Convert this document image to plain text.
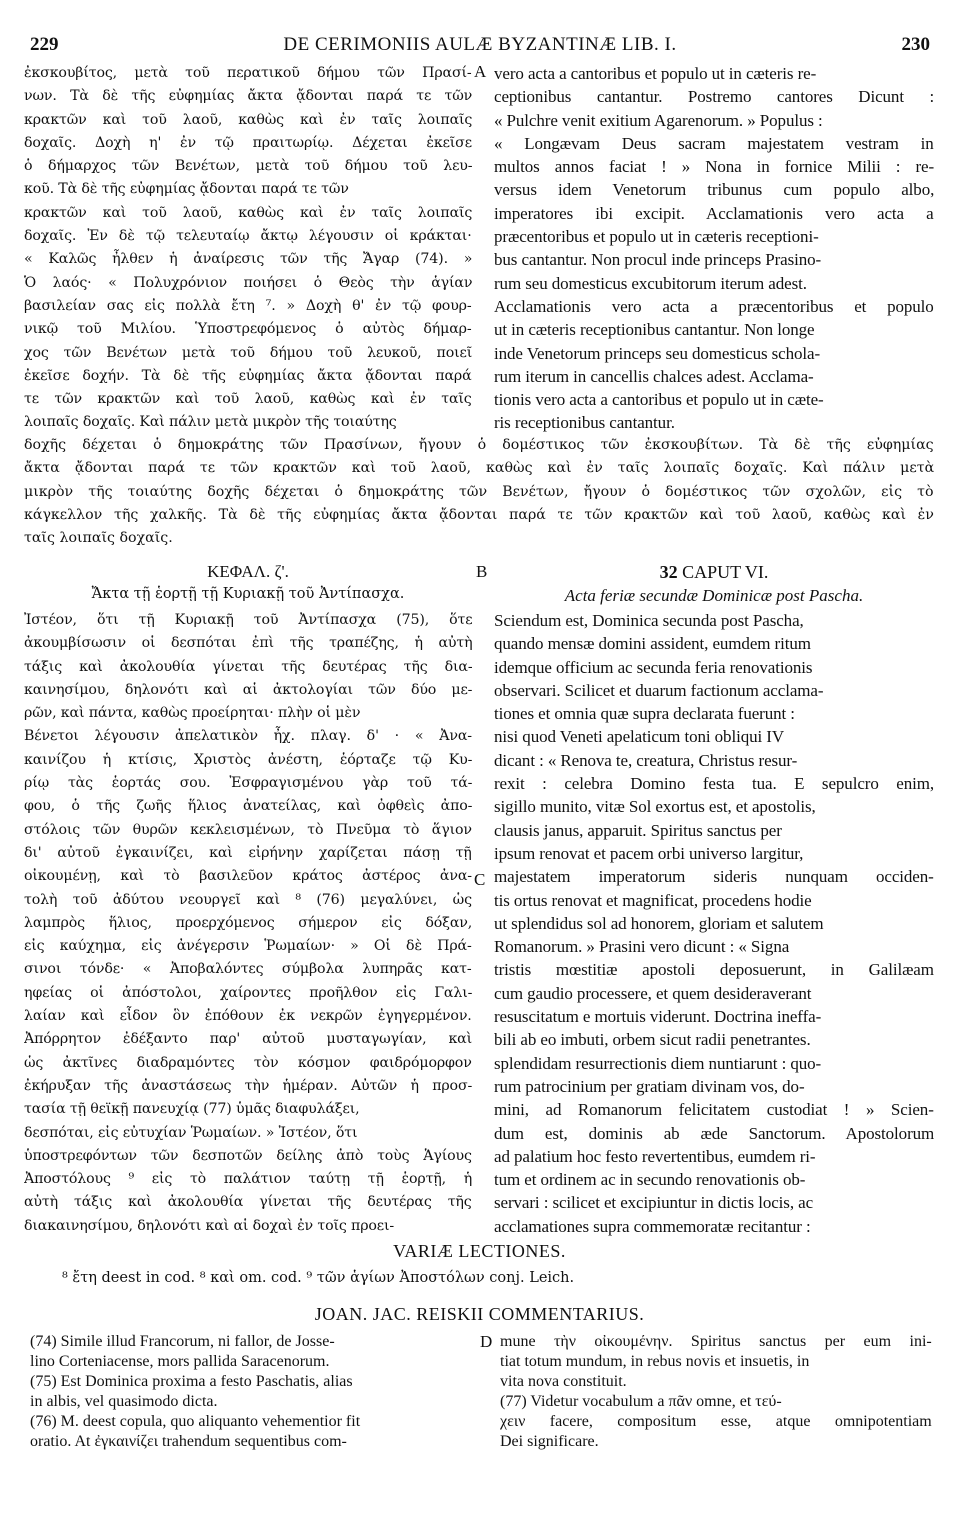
229	DE CERIMONIIS AULÆ BYZANTINÆ LIB. I.	230
ἐκσκουβίτος, μετὰ τοῦ περατικοῦ δήμου τῶν Πρασί-
νων. Τὰ δὲ τῆς εὐφημίας ἄκτα ᾄδονται παρά τε τῶν
κρακτῶν καὶ τοῦ λαοῦ, καθὼς καὶ ἐν ταῖς λοιπαῖς
δοχαῖς. Δοχὴ η' ἐν τῷ πραιτωρίῳ. Δέχεται ἐκεῖσε
ὁ δήμαρχος τῶν Βενέτων, μετὰ τοῦ δήμου τοῦ λευ-
κοῦ. Τὰ δὲ τῆς εὐφημίας ᾄδονται παρά τε τῶν
κρακτῶν καὶ τοῦ λαοῦ, καθὼς καὶ ἐν ταῖς λοιπαῖς
δοχαῖς. Ἐν δὲ τῷ τελευταίῳ ἄκτῳ λέγουσιν οἱ κράκται·
« Καλῶς ἦλθεν ἡ ἀναίρεσις τῶν τῆς Ἄγαρ (74). »
Ὁ λαός· « Πολυχρόνιον ποιήσει ὁ Θεὸς τὴν ἁγίαν
βασιλείαν σας εἰς πολλὰ ἔτη ⁷. » Δοχὴ θ' ἐν τῷ φουρ-
νικῷ τοῦ Μιλίου. Ὑποστρεφόμενος ὁ αὐτὸς δήμαρ-
χος τῶν Βενέτων μετὰ τοῦ δήμου τοῦ λευκοῦ, ποιεῖ
ἐκεῖσε δοχήν. Τὰ δὲ τῆς εὐφημίας ἄκτα ᾄδονται παρά
τε τῶν κρακτῶν καὶ τοῦ λαοῦ, καθὼς καὶ ἐν ταῖς
λοιπαῖς δοχαῖς. Καὶ πάλιν μετὰ μικρὸν τῆς τοιαύτης
A vero acta a cantoribus et populo ut in cæteris re-
ceptionibus cantantur. Postremo cantores Dicunt :
« Pulchre venit exitium Agarenorum. » Populus :
« Longævam Deus sacram majestatem vestram in
multos annos faciat ! » Nona in fornice Milii : re-
versus idem Venetorum tribunus cum populo albo,
imperatores ibi excipit. Acclamationis vero acta a
præcentoribus et populo ut in cæteris receptioni-
bus cantantur. Non procul inde princeps Prasino-
rum seu domesticus excubitorum iterum adest.
Acclamationis vero acta a præcentoribus et populo
ut in cæteris receptionibus cantantur. Non longe
inde Venetorum princeps seu domesticus schola-
rum iterum in cancellis chalces adest. Acclama-
tionis vero acta a cantoribus et populo ut in cæte-
ris receptionibus cantantur.
δοχῆς δέχεται ὁ δημοκράτης τῶν Πρασίνων, ἤγουν ὁ δομέστικος τῶν ἐκσκουβίτων. Τὰ δὲ τῆς εὐφημίας
ἄκτα ᾄδονται παρά τε τῶν κρακτῶν καὶ τοῦ λαοῦ, καθὼς καὶ ἐν ταῖς λοιπαῖς δοχαῖς. Καὶ πάλιν μετὰ
μικρὸν τῆς τοιαύτης δοχῆς δέχεται ὁ δημοκράτης τῶν Βενέτων, ἤγουν ὁ δομέστικος τῶν σχολῶν, εἰς τὸ
κάγκελλον τῆς χαλκῆς. Τὰ δὲ τῆς εὐφημίας ἄκτα ᾄδονται παρά τε τῶν κρακτῶν καὶ τοῦ λαοῦ, καθὼς καὶ ἐν
ταῖς λοιπαῖς δοχαῖς.
ΚΕΦΑΛ. ζ'.
Ἄκτα τῇ ἑορτῇ τῇ Κυριακῇ τοῦ Ἀντίπασχα.
B	32 CAPUT VI.
Acta feriæ secundæ Dominicæ post Pascha.
Ἰστέον, ὅτι τῇ Κυριακῇ τοῦ Ἀντίπασχα (75), ὅτε
ἀκουμβίσωσιν οἱ δεσπόται ἐπὶ τῆς τραπέζης, ἡ αὐτὴ
τάξις καὶ ἀκολουθία γίνεται τῆς δευτέρας τῆς δια-
καινησίμου, δηλονότι καὶ αἱ ἀκτολογίαι τῶν δύο με-
ρῶν, καὶ πάντα, καθὼς προείρηται· πλὴν οἱ μὲν
Βένετοι λέγουσιν ἀπελατικὸν ἦχ. πλαγ. δ' · « Ἀνα-
καινίζου ἡ κτίσις, Χριστὸς ἀνέστη, ἑόρταζε τῷ Κυ-
ρίῳ τὰς ἑορτάς σου. Ἐσφραγισμένου γὰρ τοῦ τά-
φου, ὁ τῆς ζωῆς ἥλιος ἀνατείλας, καὶ ὀφθεὶς ἀπο-
στόλοις τῶν θυρῶν κεκλεισμένων, τὸ Πνεῦμα τὸ ἅγιον
δι' αὐτοῦ ἐγκαινίζει, καὶ εἰρήνην χαρίζεται πάσῃ τῇ
οἰκουμένῃ, καὶ τὸ βασιλεῦον κράτος ἀστέρος ἀνα-
τολὴ τοῦ ἀδύτου νεουργεῖ καὶ ⁸ (76) μεγαλύνει, ὡς
λαμπρὸς ἥλιος, προερχόμενος σήμερον εἰς δόξαν,
εἰς καύχημα, εἰς ἀνέγερσιν Ῥωμαίων· » Οἱ δὲ Πρά-
σινοι τόνδε· « Ἀποβαλόντες σύμβολα λυπηρᾶς κατ-
ηφείας οἱ ἀπόστολοι, χαίροντες προῆλθον εἰς Γαλι-
λαίαν καὶ εἶδον ὃν ἐπόθουν ἐκ νεκρῶν ἐγηγερμένον.
Ἀπόρρητον ἐδέξαντο παρ' αὐτοῦ μυσταγωγίαν, καὶ
ὡς ἀκτῖνες διαδραμόντες τὸν κόσμον φαιδρόμορφον
ἐκήρυξαν τῆς ἀναστάσεως τὴν ἡμέραν. Αὐτῶν ἡ προσ-
τασία τῇ θεϊκῇ πανευχίᾳ (77) ὑμᾶς διαφυλάξει,
δεσπόται, εἰς εὐτυχίαν Ῥωμαίων. » Ἰστέον, ὅτι
ὑποστρεφόντων τῶν δεσποτῶν δείλης ἀπὸ τοὺς Ἁγίους
Ἀποστόλους ⁹ εἰς τὸ παλάτιον ταύτῃ τῇ ἑορτῇ, ἡ
αὐτὴ τάξις καὶ ἀκολουθία γίνεται τῆς δευτέρας τῆς
διακαινησίμου, δηλονότι καὶ αἱ δοχαὶ ἐν τοῖς προει-
C
Sciendum est, Dominica secunda post Pascha,
quando mensæ domini assident, eumdem ritum
idemque officium ac secunda feria renovationis
observari. Scilicet et duarum factionum acclama-
tiones et omnia quæ supra declarata fuerunt :
nisi quod Veneti apelaticum toni obliqui IV
dicant : « Renova te, creatura, Christus resur-
rexit : celebra Domino festa tua. E sepulcro enim,
sigillo munito, vitæ Sol exortus est, et apostolis,
clausis janus, apparuit. Spiritus sanctus per
ipsum renovat et pacem orbi universo largitur,
majestatem imperatorum sideris nunquam occiden-
tis ortus renovat et magnificat, procedens hodie
ut splendidus sol ad honorem, gloriam et salutem
Romanorum. » Prasini vero dicunt : « Signa
tristis mœstitiæ apostoli deposuerunt, in Galilæam
cum gaudio processere, et quem desideraverant
resuscitatum e mortuis viderunt. Doctrina ineffa-
bili ab eo imbuti, orbem sicut radii penetrantes.
splendidam resurrectionis diem nuntiarunt : quo-
rum patrocinium per gratiam divinam vos, do-
mini, ad Romanorum felicitatem custodiat ! » Scien-
dum est, dominis ab æde Sanctorum. Apostolorum
ad palatium hoc festo revertentibus, eumdem ri-
tum et ordinem ac in secundo renovationis ob-
servari : scilicet et excipiuntur in dictis locis, ac
acclamationes supra commemoratæ recitantur :
VARIÆ LECTIONES.
⁸ ἔτη deest in cod. ⁸ καὶ om. cod. ⁹ τῶν ἁγίων Ἀποστόλων conj. Leich.
JOAN. JAC. REISKII COMMENTARIUS.
(74) Simile illud Francorum, ni fallor, de Josse-
lino Corteniacense, mors pallida Saracenorum.
(75) Est Dominica proxima a festo Paschatis, alias
in albis, vel quasimodo dicta.
(76) M. deest copula, quo aliquanto vehementior fit
oratio. At ἐγκαινίζει trahendum sequentibus com-
D mune τὴν οἰκουμένην. Spiritus sanctus per eum ini-
tiat totum mundum, in rebus novis et insuetis, in
vita nova constituit.
(77) Videtur vocabulum a πᾶν omne, et τεύ-
χειν facere, compositum esse, atque omnipotentiam
Dei significare.
